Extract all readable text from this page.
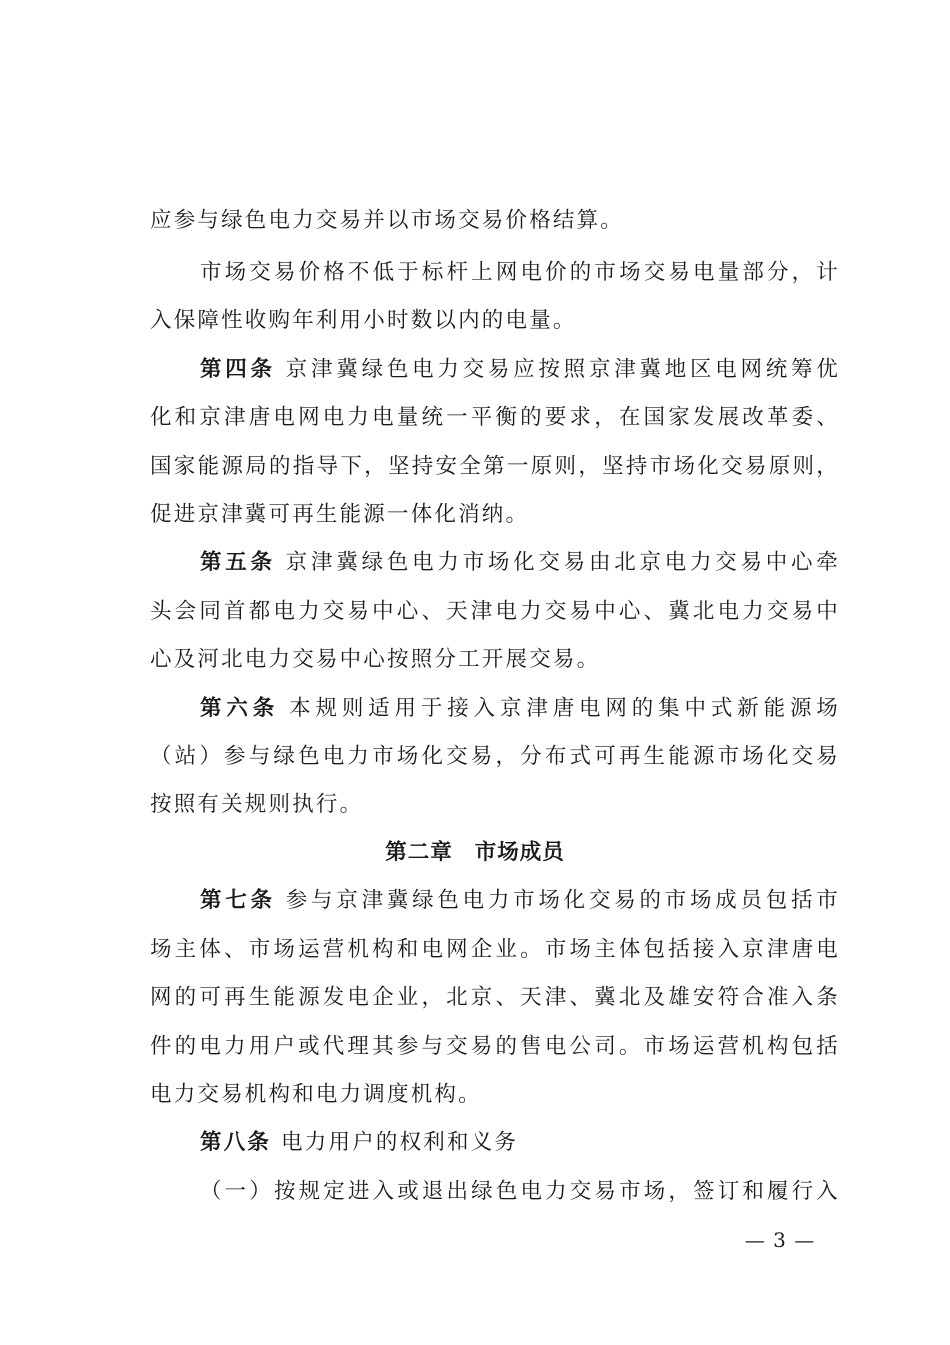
应参与绿色电力交易并以市场交易价格结算。
市场交易价格不低于标杆上网电价的市场交易电量部分，计
入保障性收购年利用小时数以内的电量。
第四条 京津冀绿色电力交易应按照京津冀地区电网统筹优
化和京津唐电网电力电量统一平衡的要求，在国家发展改革委、
国家能源局的指导下，坚持安全第一原则，坚持市场化交易原则，
促进京津冀可再生能源一体化消纳。
第五条 京津冀绿色电力市场化交易由北京电力交易中心牵
头会同首都电力交易中心、天津电力交易中心、冀北电力交易中
心及河北电力交易中心按照分工开展交易。
第六条 本规则适用于接入京津唐电网的集中式新能源场
（站）参与绿色电力市场化交易，分布式可再生能源市场化交易
按照有关规则执行。
第二章 市场成员
第七条 参与京津冀绿色电力市场化交易的市场成员包括市
场主体、市场运营机构和电网企业。市场主体包括接入京津唐电
网的可再生能源发电企业，北京、天津、冀北及雄安符合准入条
件的电力用户或代理其参与交易的售电公司。市场运营机构包括
电力交易机构和电力调度机构。
第八条 电力用户的权利和义务
（一）按规定进入或退出绿色电力交易市场，签订和履行入
— 3 —
